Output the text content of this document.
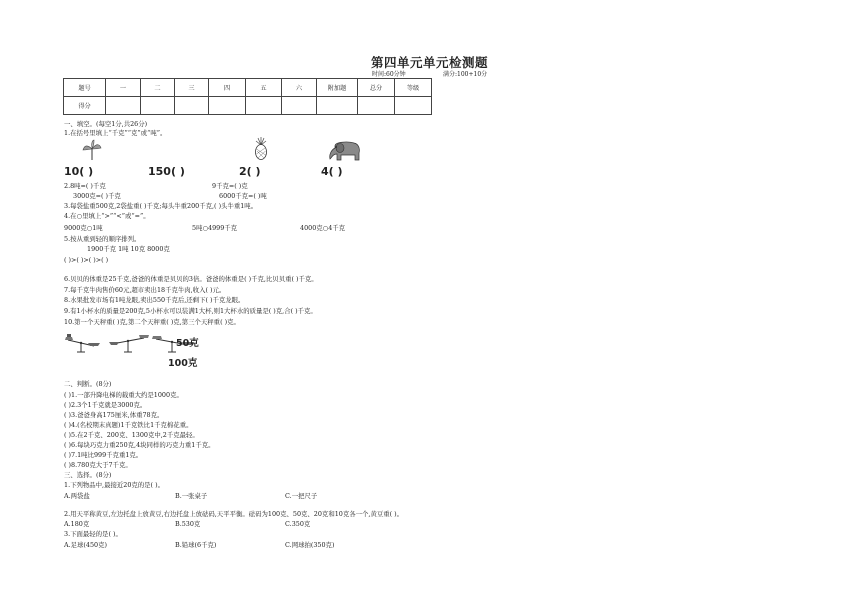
第四单元单元检测题
时间:60分钟	满分:100+10分
题号	一	二	三	四	五	六	附加题	总分	等级
得分									
一、填空。(每空1分,共26分)
1.在括号里填上“千克”“克”或“吨”。
10( )	150( )	2( )	4( )
2.8吨=( )千克	9千克=( )克
3000克=( )千克	6000千克=( )吨
3.每袋盐重500克,2袋盐重( )千克;每头牛重200千克,( )头牛重1吨。
4.在○里填上“>”“<”或“=”。
9000克○1吨	5吨○4999千克	4000克○4千克
5.按从重到轻的顺序排列。
1900千克 1吨 10克 8000克
( )>( )>( )>( )
6.贝贝的体重是25千克,爸爸的体重是贝贝的3倍。爸爸的体重是( )千克,比贝贝重( )千克。
7.每千克牛肉售价60元,超市卖出18千克牛肉,收入( )元。
8.水果批发市场有1吨龙眼,卖出550千克后,还剩下( )千克龙眼。
9.有1小杯水的质量是200克,5小杯水可以装满1大杯,则1大杯水的质量是( )克,合( )千克。
10.第一个天秤重( )克,第二个天秤重( )克,第三个天秤重( )克。
50克
100克
二、判断。(8分)
( )1.一部升降电梯的载重大约是1000克。
( )2.3个1千克就是3000克。
( )3.爸爸身高175厘米,体重78克。
( )4.(名校期末真题)1千克铁比1千克棉花重。
( )5.在2千克、200克、1300克中,2千克最轻。
( )6.每块巧克力重250克,4块同样的巧克力重1千克。
( )7.1吨比999千克重1克。
( )8.780克大于7千克。
三、选择。(8分)
1.下列物品中,最接近20克的是( )。
A.两袋盐	B.一张桌子	C.一把尺子
2.用天平称黄豆,左边托盘上放黄豆,右边托盘上放砝码,天平平衡。砝码为100克、50克、20克和10克各一个,黄豆重( )。
A.180克	B.530克	C.350克
3.下面最轻的是( )。
A.足球(450克)	B.铅球(6千克)	C.网球拍(350克)
